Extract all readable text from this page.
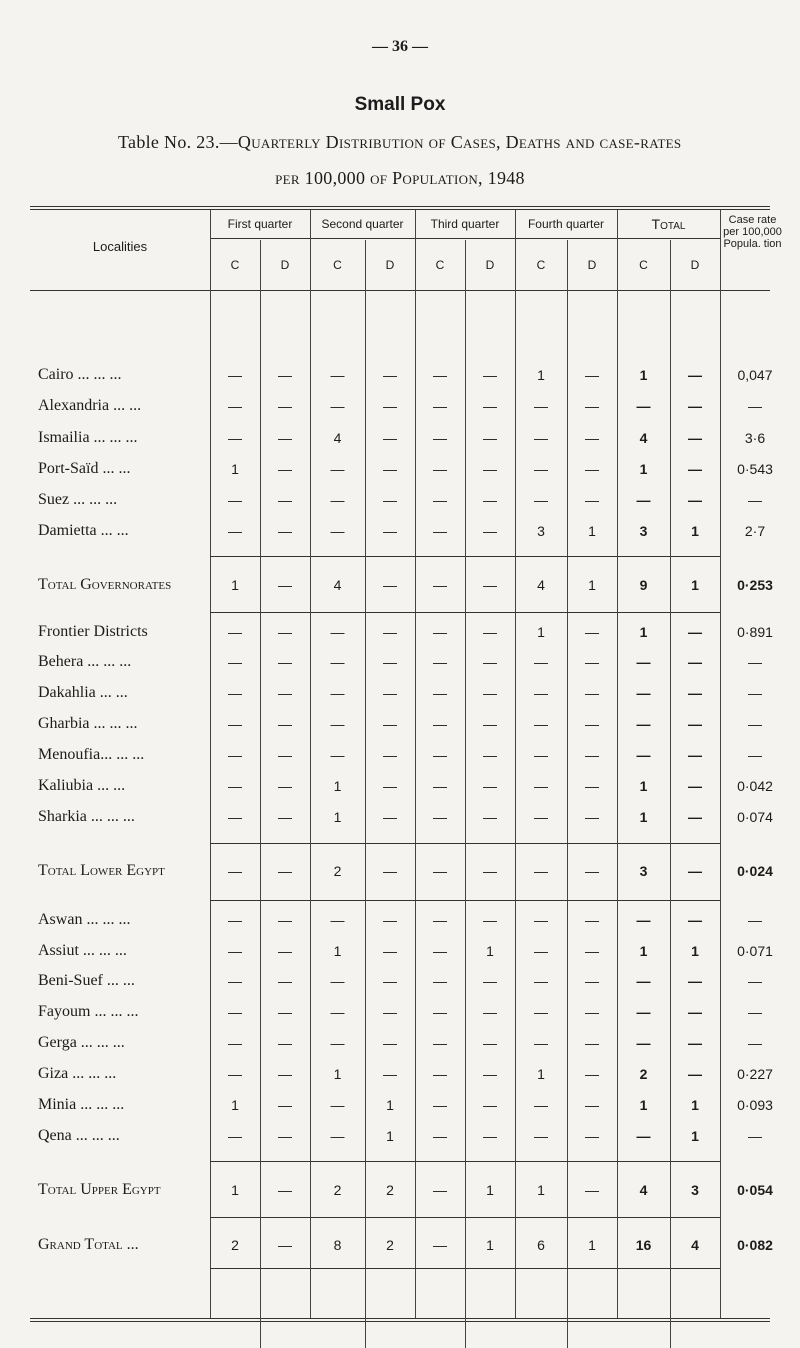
— 36 —
Small Pox
Table No. 23.—Quarterly Distribution of Cases, Deaths and case-rates
per 100,000 of Population, 1948
Localities
Case rate per 100,000 Popula. tion
First quarter	Second quarter	Third quarter	Fourth quarter	Total
C	D	C	D	C	D	C	D	C	D
Cairo ... ... ...	—	—	—	—	—	—	1	—	1	—	0,047
Alexandria ... ...	—	—	—	—	—	—	—	—	—	—	—
Ismailia ... ... ...	—	—	4	—	—	—	—	—	4	—	3·6
Port-Saïd ... ...	1	—	—	—	—	—	—	—	1	—	0·543
Suez ... ... ...	—	—	—	—	—	—	—	—	—	—	—
Damietta ... ...	—	—	—	—	—	—	3	1	3	1	2·7
Total Governorates	1	—	4	—	—	—	4	1	9	1	0·253
Frontier Districts	—	—	—	—	—	—	1	—	1	—	0·891
Behera ... ... ...	—	—	—	—	—	—	—	—	—	—	—
Dakahlia ... ...	—	—	—	—	—	—	—	—	—	—	—
Gharbia ... ... ...	—	—	—	—	—	—	—	—	—	—	—
Menoufia... ... ...	—	—	—	—	—	—	—	—	—	—	—
Kaliubia ... ...	—	—	1	—	—	—	—	—	1	—	0·042
Sharkia ... ... ...	—	—	1	—	—	—	—	—	1	—	0·074
Total Lower Egypt	—	—	2	—	—	—	—	—	3	—	0·024
Aswan ... ... ...	—	—	—	—	—	—	—	—	—	—	—
Assiut ... ... ...	—	—	1	—	—	1	—	—	1	1	0·071
Beni-Suef ... ...	—	—	—	—	—	—	—	—	—	—	—
Fayoum ... ... ...	—	—	—	—	—	—	—	—	—	—	—
Gerga ... ... ...	—	—	—	—	—	—	—	—	—	—	—
Giza ... ... ...	—	—	1	—	—	—	1	—	2	—	0·227
Minia ... ... ...	1	—	—	1	—	—	—	—	1	1	0·093
Qena ... ... ...	—	—	—	1	—	—	—	—	—	1	—
Total Upper Egypt	1	—	2	2	—	1	1	—	4	3	0·054
Grand Total ...	2	—	8	2	—	1	6	1	16	4	0·082
